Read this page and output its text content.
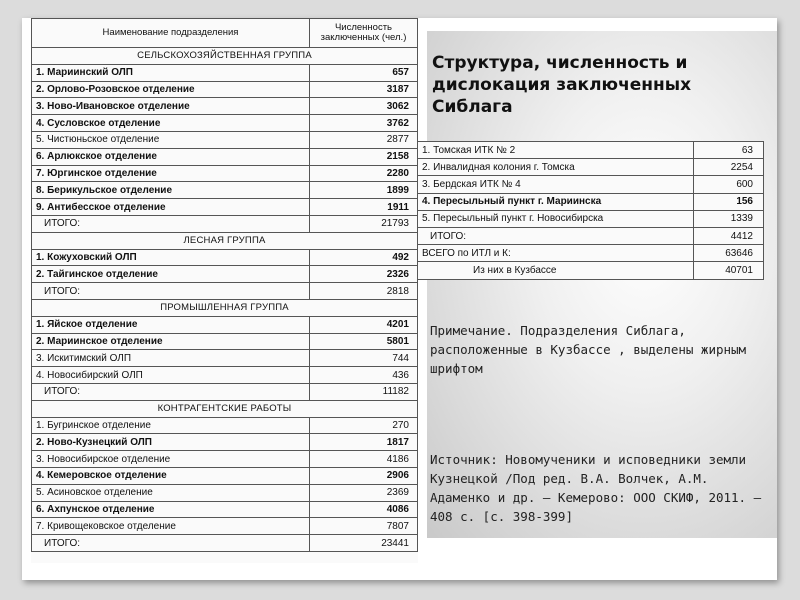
Наименование подразделения	Численность заключенных (чел.)
СЕЛЬСКОХОЗЯЙСТВЕННАЯ ГРУППА	
1. Мариинский ОЛП	657
2. Орлово-Розовское отделение	3187
3. Ново-Ивановское отделение	3062
4. Сусловское отделение	3762
5. Чистюньское отделение	2877
6. Арлюкское отделение	2158
7. Юргинское отделение	2280
8. Берикульское отделение	1899
9. Антибесское отделение	1911
ИТОГО:	21793
ЛЕСНАЯ ГРУППА	
1. Кожуховский ОЛП	492
2. Тайгинское отделение	2326
ИТОГО:	2818
ПРОМЫШЛЕННАЯ ГРУППА	
1. Яйское отделение	4201
2. Мариинское отделение	5801
3. Искитимский ОЛП	744
4. Новосибирский ОЛП	436
ИТОГО:	11182
КОНТРАГЕНТСКИЕ РАБОТЫ	
1. Бугринское отделение	270
2. Ново-Кузнецкий ОЛП	1817
3. Новосибирское отделение	4186
4. Кемеровское отделение	2906
5. Асиновское отделение	2369
6. Ахпунское отделение	4086
7. Кривощековское отделение	7807
ИТОГО:	23441
1. Томская ИТК № 2	63
2. Инвалидная колония г. Томска	2254
3. Бердская ИТК № 4	600
4. Пересыльный пункт г. Мариинска	156
5. Пересыльный пункт г. Новосибирска	1339
ИТОГО:	4412
ВСЕГО по ИТЛ и К:	63646
Из них в Кузбассе	40701
Структура, численность и дислокация заключенных Сиблага
Примечание. Подразделения Сиблага, расположенные в Кузбассе , выделены жирным шрифтом
Источник: Новомученики и исповедники земли Кузнецкой /Под ред. В.А. Волчек, А.М. Адаменко и др. – Кемерово: ООО СКИФ, 2011. – 408 с. [с. 398-399]
